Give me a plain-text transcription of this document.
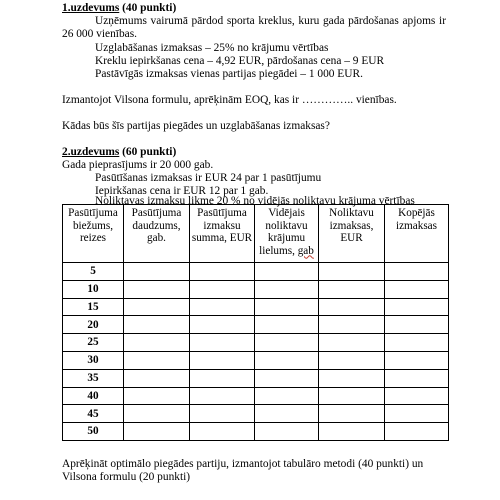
1.uzdevums (40 punkti)
Uzņēmums vairumā pārdod sporta kreklus, kuru gada pārdošanas apjoms ir
26 000 vienības.
Uzglabāšanas izmaksas – 25% no krājumu vērtības
Kreklu iepirkšanas cena – 4,92 EUR, pārdošanas cena – 9 EUR
Pastāvīgās izmaksas vienas partijas piegādei – 1 000 EUR.
Izmantojot Vilsona formulu, aprēķinām EOQ, kas ir ………….. vienības.
Kādas būs šīs partijas piegādes un uzglabāšanas izmaksas?
2.uzdevums (60 punkti)
Gada pieprasījums ir 20 000 gab.
Pasūtīšanas izmaksas ir EUR 24 par 1 pasūtījumu
Iepirkšanas cena ir EUR 12 par 1 gab.
Noliktavas izmaksu likme 20 % no vidējās noliktavu krājuma vērtības
Pasūtījuma biežums, reizes	Pasūtījuma daudzums, gab.	Pasūtījuma izmaksu summa, EUR	Vidējais noliktavu krājumu lielums, gab	Noliktavu izmaksas, EUR	Kopējās izmaksas
5					
10					
15					
20					
25					
30					
35					
40					
45					
50					
Aprēķināt optimālo piegādes partiju, izmantojot tabulāro metodi (40 punkti) un
Vilsona formulu (20 punkti)
